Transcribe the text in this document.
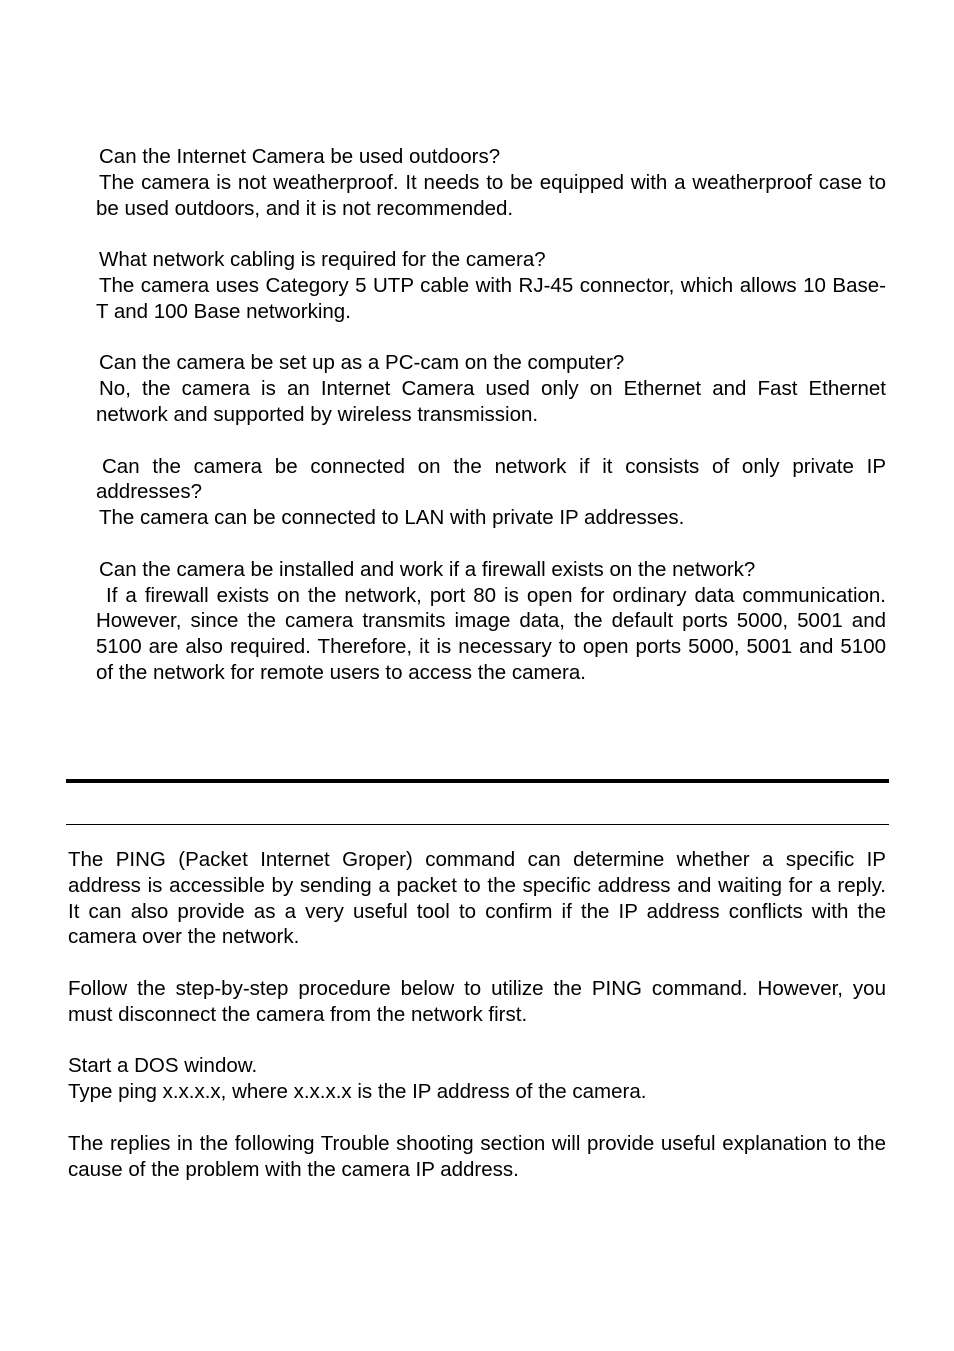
Can the Internet Camera be used outdoors?

The camera is not weatherproof. It needs to be equipped with a weatherproof case to be used outdoors, and it is not recommended.

What network cabling is required for the camera?

The camera uses Category 5 UTP cable with RJ-45 connector, which allows 10 Base-T and 100 Base networking.

Can the camera be set up as a PC-cam on the computer?

No, the camera is an Internet Camera used only on Ethernet and Fast Ethernet network and supported by wireless transmission.

Can the camera be connected on the network if it consists of only private IP addresses?

The camera can be connected to LAN with private IP addresses.

Can the camera be installed and work if a firewall exists on the network?

If a firewall exists on the network, port 80 is open for ordinary data communication. However, since the camera transmits image data, the default ports 5000, 5001 and 5100 are also required. Therefore, it is necessary to open ports 5000, 5001 and 5100 of the network for remote users to access the camera.

The PING (Packet Internet Groper) command can determine whether a specific IP address is accessible by sending a packet to the specific address and waiting for a reply. It can also provide as a very useful tool to confirm if the IP address conflicts with the camera over the network.

Follow the step-by-step procedure below to utilize the PING command. However, you must disconnect the camera from the network first.

Start a DOS window.

Type ping x.x.x.x, where x.x.x.x is the IP address of the camera.

The replies in the following Trouble shooting section will provide useful explanation to the cause of the problem with the camera IP address.
